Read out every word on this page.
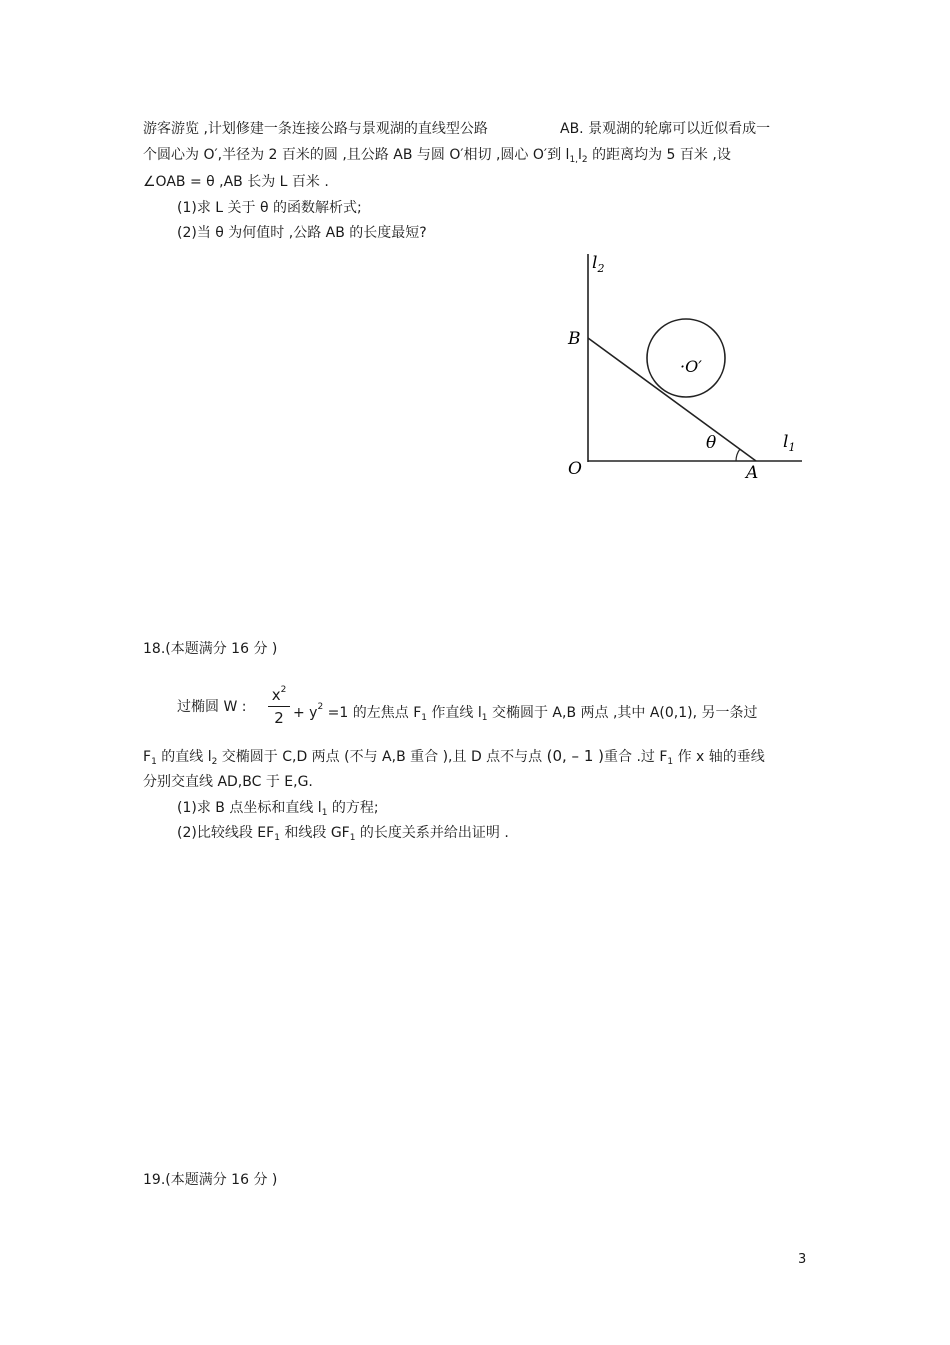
游客游览 ,计划修建一条连接公路与景观湖的直线型公路	AB. 景观湖的轮廓可以近似看成一
个圆心为 O′,半径为 2 百米的圆 ,且公路 AB 与圆 O′相切 ,圆心 O′到 $l_{1,}l_2$ 的距离均为 5 百米 ,设
∠OAB = θ ,AB 长为 L 百米 .
(1)求 L 关于 θ 的函数解析式;
(2)当 θ 为何值时 ,公路 AB 的长度最短?
$l_2$
B
·O′
θ	$l_1$
O	A
18.(本题满分 16 分 )
过椭圆 W : $\frac{x^2}{2} + y^2 =1$ 的左焦点 $F_1$ 作直线 $l_1$ 交椭圆于 A,B 两点 ,其中 A(0,1), 另一条过
$F_1$ 的直线 $l_2$ 交椭圆于 C,D 两点 (不与 A,B 重合 ),且 D 点不与点 (0, – 1 )重合 .过 $F_1$ 作 x 轴的垂线
分别交直线 AD,BC 于 E,G.
(1)求 B 点坐标和直线 $l_1$ 的方程;
(2)比较线段 $EF_1$ 和线段 $GF_1$ 的长度关系并给出证明 .
19.(本题满分 16 分 )
3
